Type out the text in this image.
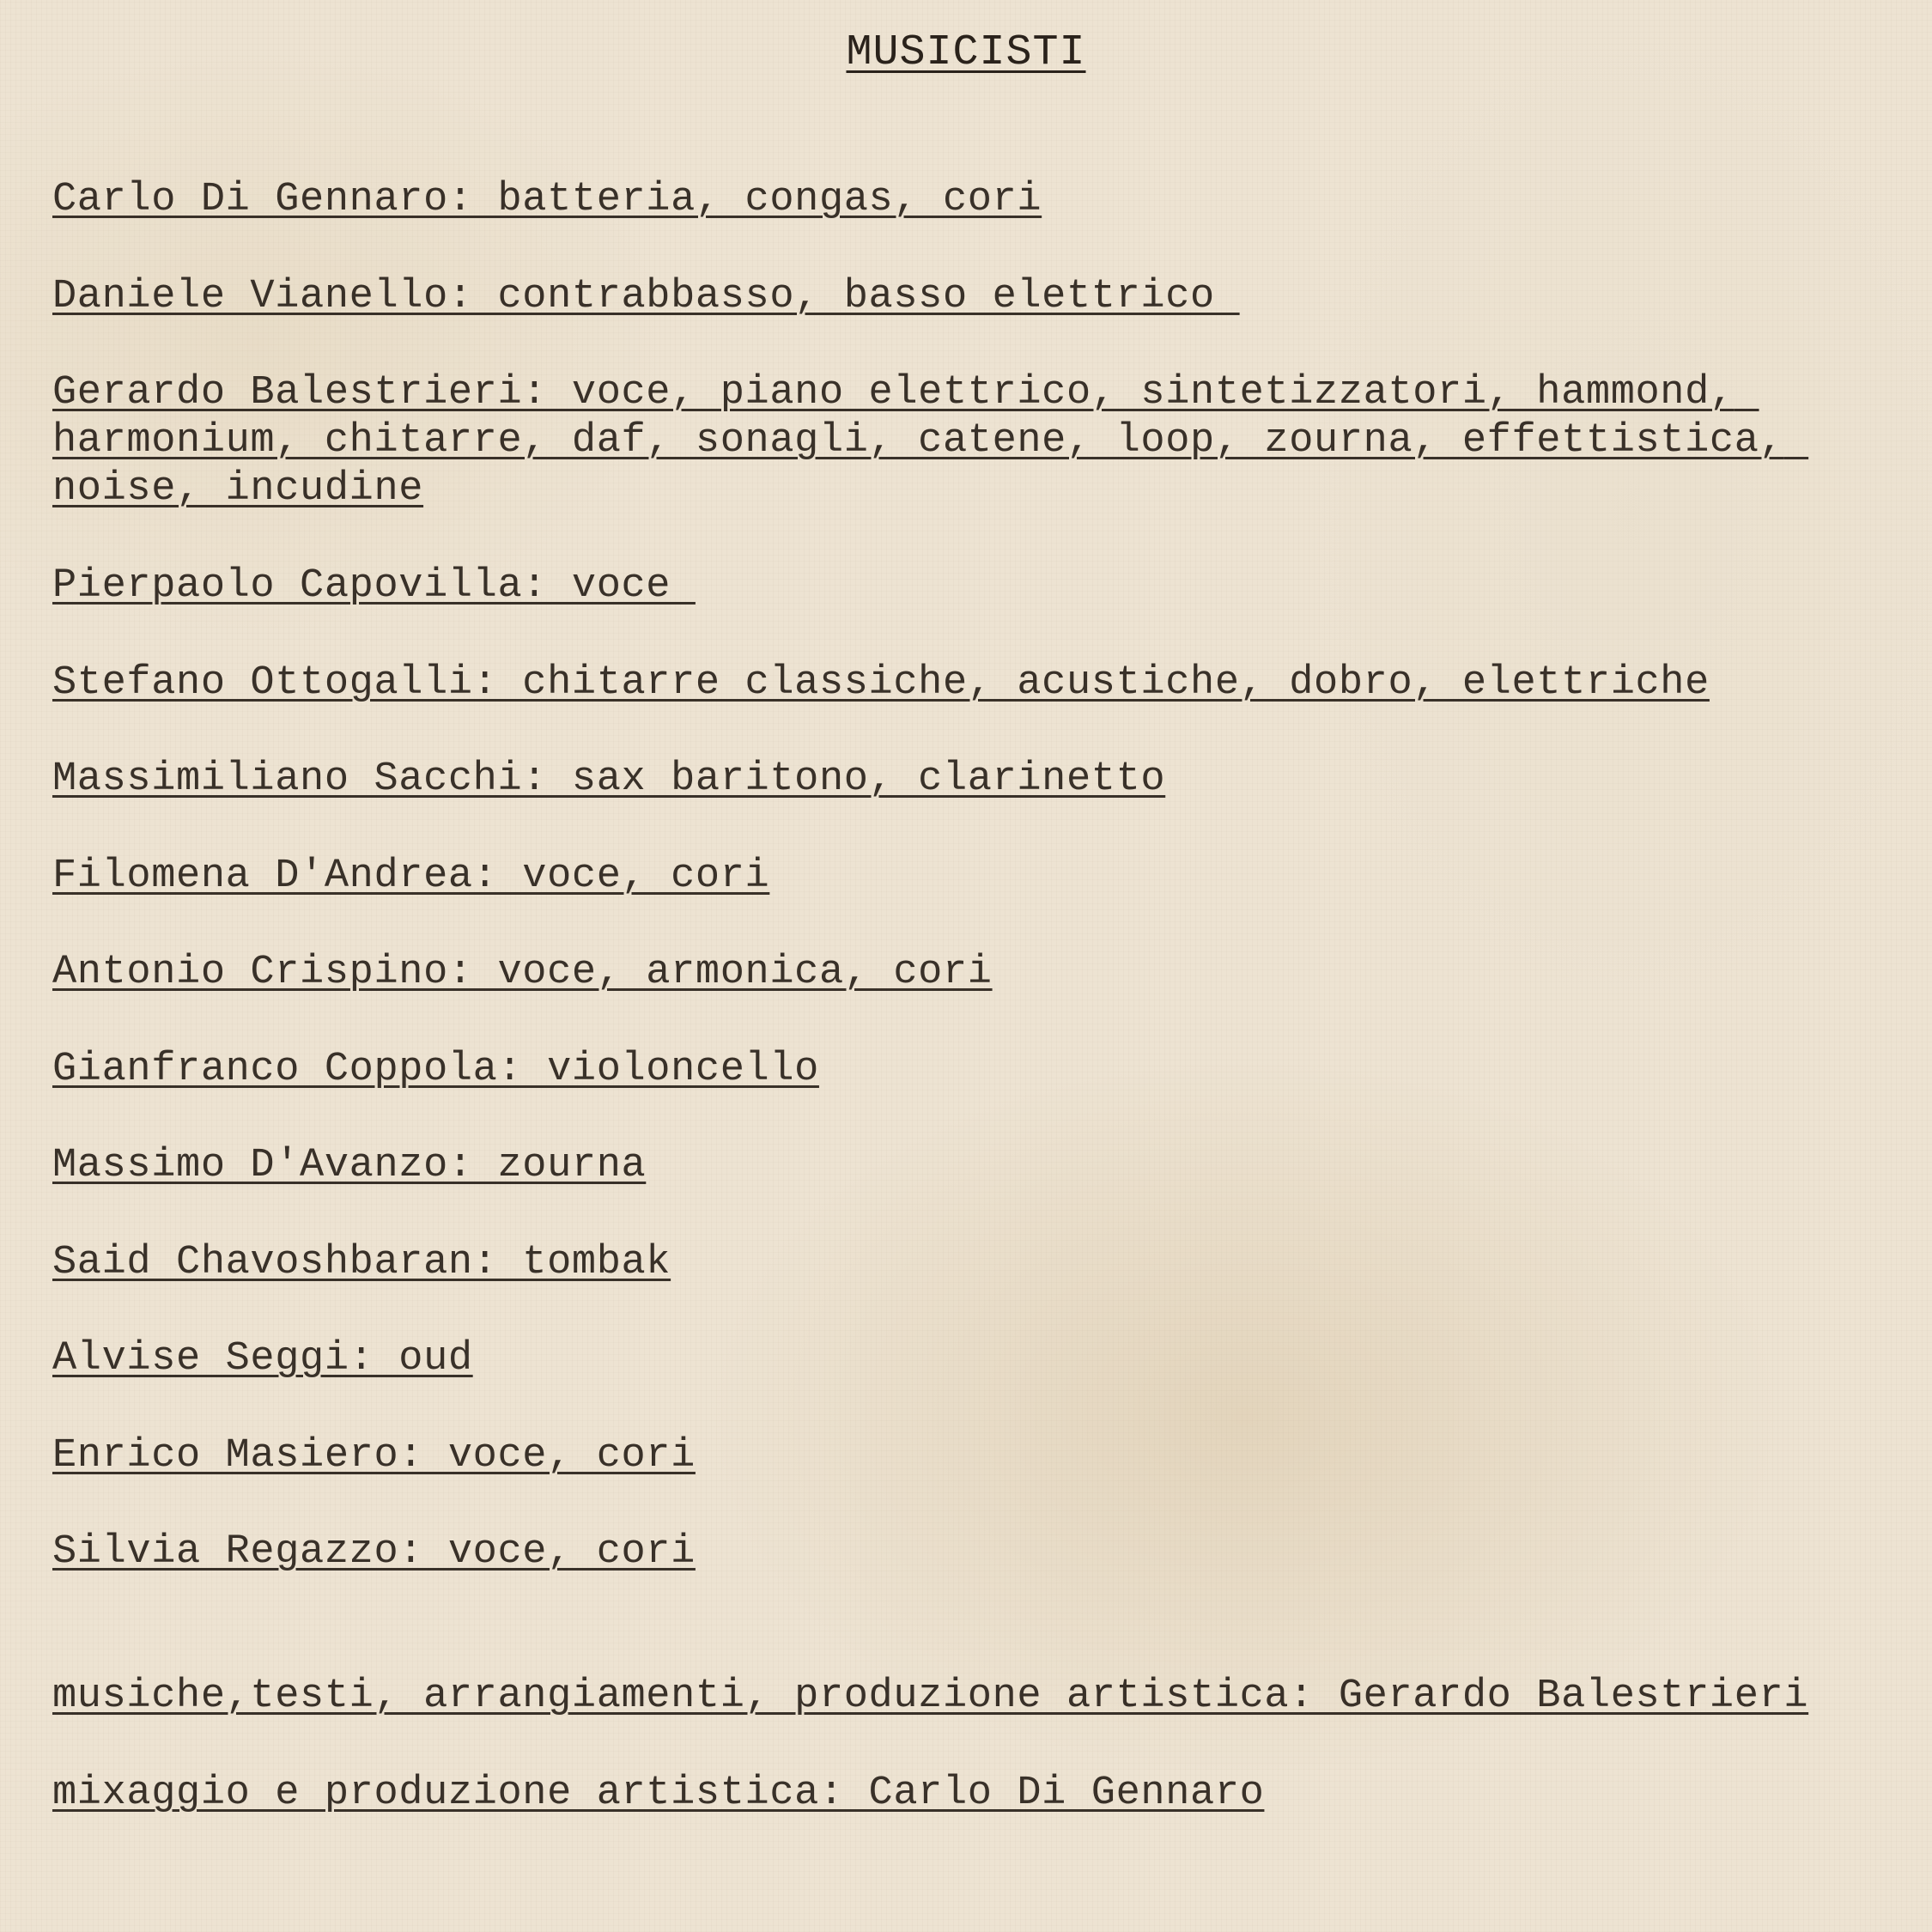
MUSICISTI
Carlo Di Gennaro: batteria, congas, cori
Daniele Vianello: contrabbasso, basso elettrico
Gerardo Balestrieri: voce, piano elettrico, sintetizzatori, hammond, harmonium, chitarre, daf, sonagli, catene, loop, zourna, effettistica, noise, incudine
Pierpaolo Capovilla: voce
Stefano Ottogalli: chitarre classiche, acustiche, dobro, elettriche
Massimiliano Sacchi: sax baritono, clarinetto
Filomena D'Andrea: voce, cori
Antonio Crispino: voce, armonica, cori
Gianfranco Coppola: violoncello
Massimo D'Avanzo: zourna
Said Chavoshbaran: tombak
Alvise Seggi: oud
Enrico Masiero: voce, cori
Silvia Regazzo: voce, cori
musiche,testi, arrangiamenti, produzione artistica: Gerardo Balestrieri
mixaggio e produzione artistica: Carlo Di Gennaro
